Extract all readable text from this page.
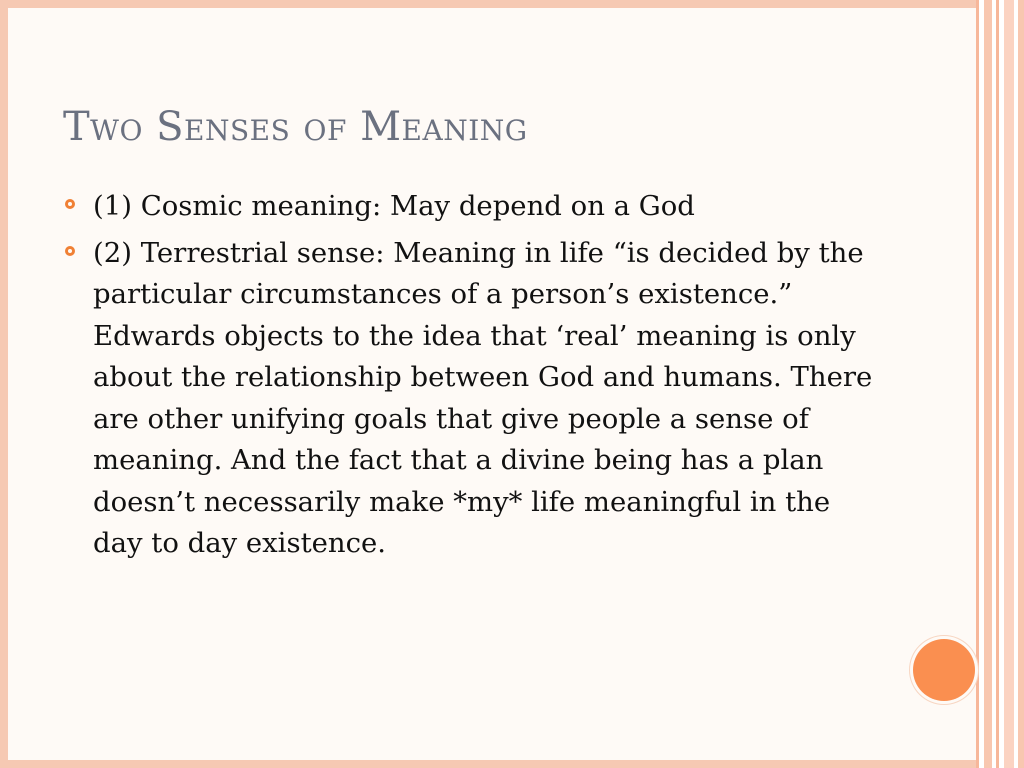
Two Senses of Meaning
(1) Cosmic meaning: May depend on a God
(2) Terrestrial sense: Meaning in life “is decided by the particular circumstances of a person’s existence.”
Edwards objects to the idea that ‘real’ meaning is only about the relationship between God and humans. There are other unifying goals that give people a sense of meaning. And the fact that a divine being has a plan doesn’t necessarily make *my* life meaningful in the day to day existence.
